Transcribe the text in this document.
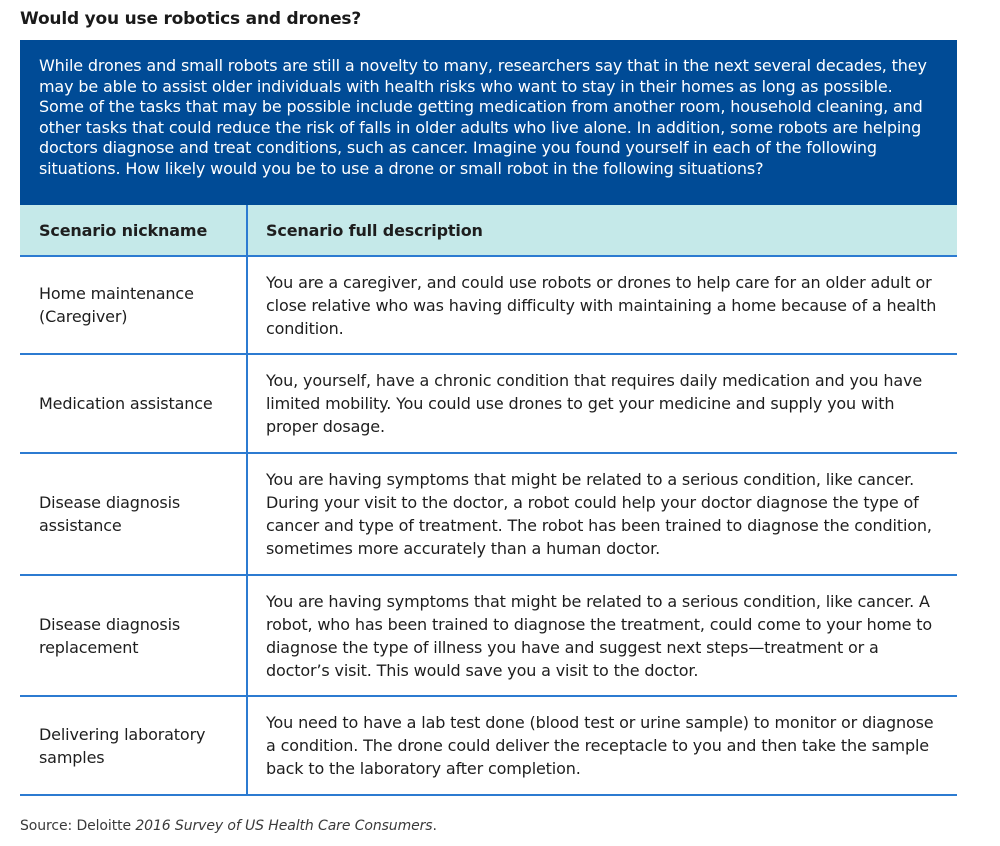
Would you use robotics and drones?
While drones and small robots are still a novelty to many, researchers say that in the next several decades, they may be able to assist older individuals with health risks who want to stay in their homes as long as possible. Some of the tasks that may be possible include getting medication from another room, household cleaning, and other tasks that could reduce the risk of falls in older adults who live alone. In addition, some robots are helping doctors diagnose and treat conditions, such as cancer. Imagine you found yourself in each of the following situations. How likely would you be to use a drone or small robot in the following situations?
Scenario nickname	Scenario full description
Home maintenance (Caregiver)
You are a caregiver, and could use robots or drones to help care for an older adult or close relative who was having difficulty with maintaining a home because of a health condition.
Medication assistance
You, yourself, have a chronic condition that requires daily medication and you have limited mobility. You could use drones to get your medicine and supply you with proper dosage.
Disease diagnosis assistance
You are having symptoms that might be related to a serious condition, like cancer. During your visit to the doctor, a robot could help your doctor diagnose the type of cancer and type of treatment. The robot has been trained to diagnose the condition, sometimes more accurately than a human doctor.
Disease diagnosis replacement
You are having symptoms that might be related to a serious condition, like cancer. A robot, who has been trained to diagnose the treatment, could come to your home to diagnose the type of illness you have and suggest next steps—treatment or a doctor’s visit. This would save you a visit to the doctor.
Delivering laboratory samples
You need to have a lab test done (blood test or urine sample) to monitor or diagnose a condition. The drone could deliver the receptacle to you and then take the sample back to the laboratory after completion.
Source: Deloitte 2016 Survey of US Health Care Consumers.
